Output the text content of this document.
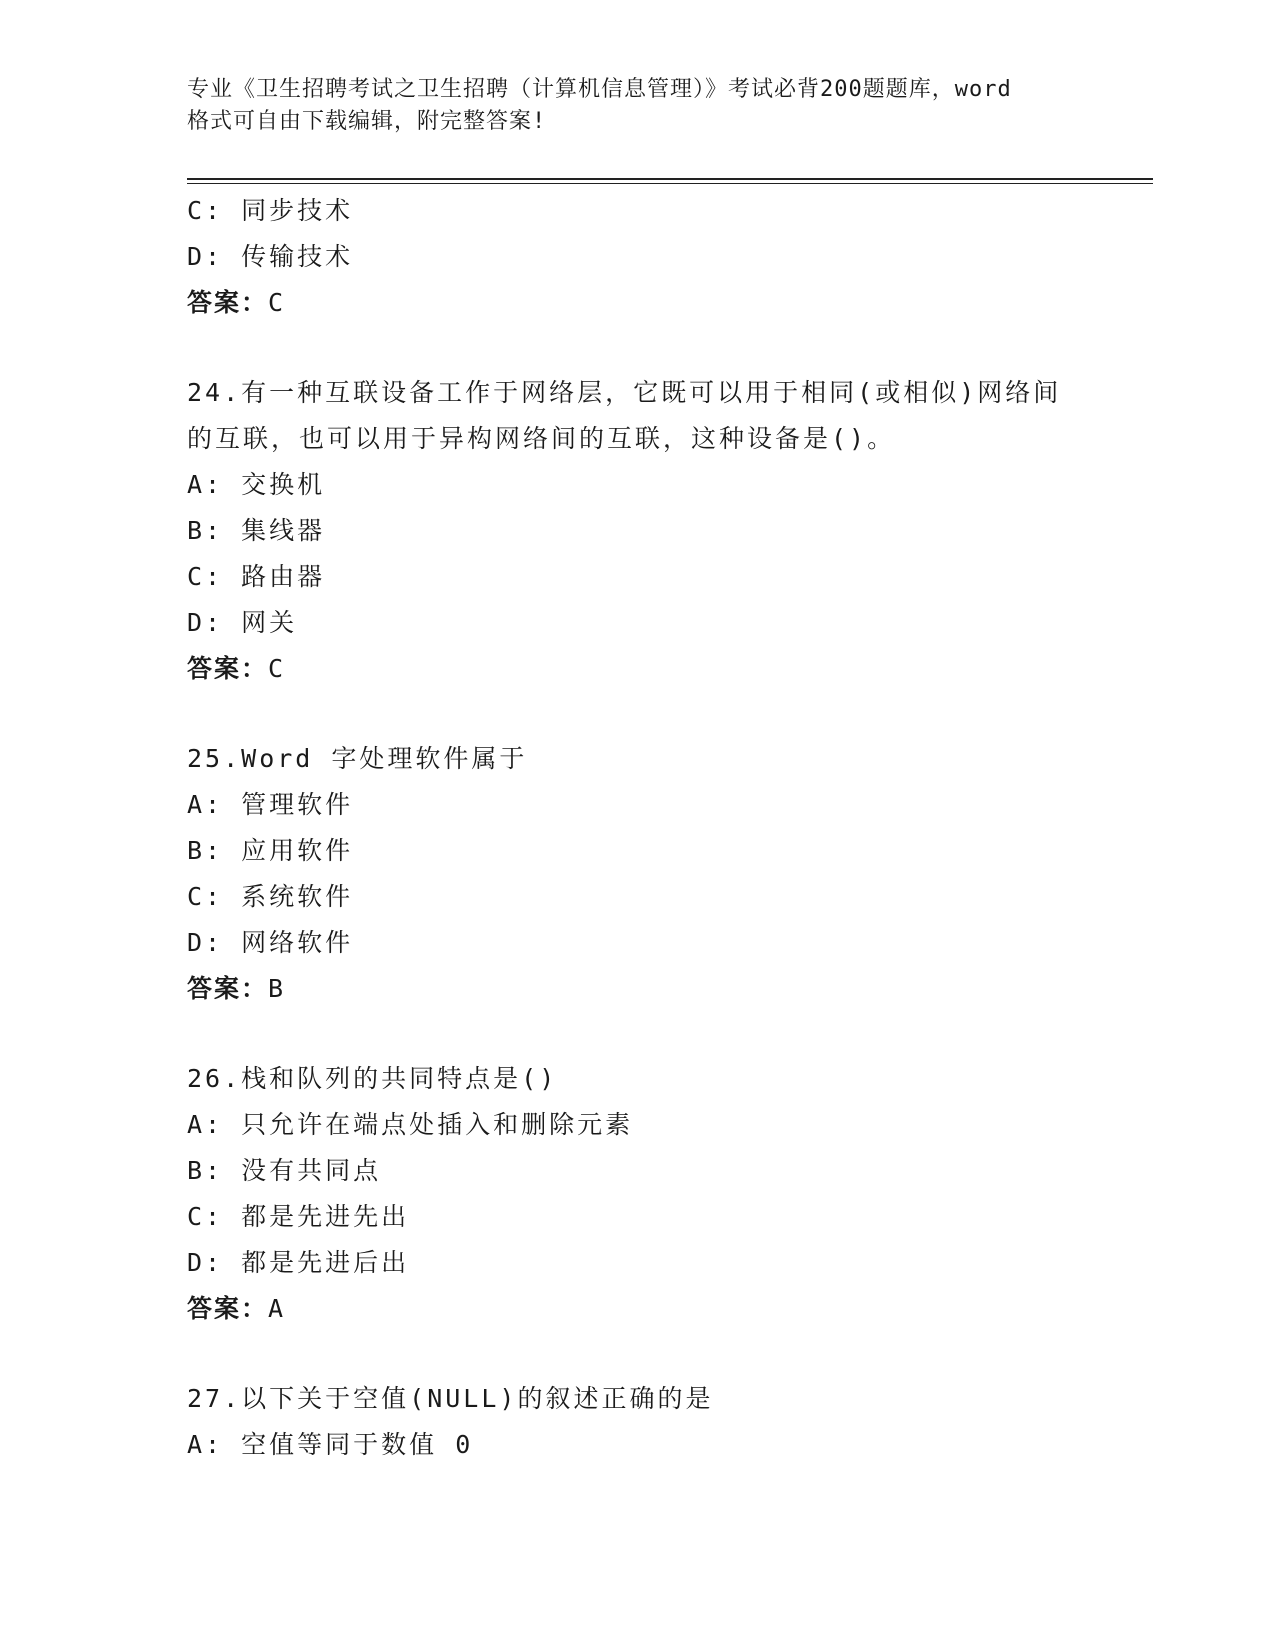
专业《卫生招聘考试之卫生招聘（计算机信息管理）》考试必背200题题库，word
格式可自由下载编辑，附完整答案!
C: 同步技术
D: 传输技术
答案：C
24.有一种互联设备工作于网络层，它既可以用于相同(或相似)网络间
的互联，也可以用于异构网络间的互联，这种设备是()。
A: 交换机
B: 集线器
C: 路由器
D: 网关
答案：C
25.Word 字处理软件属于
A: 管理软件
B: 应用软件
C: 系统软件
D: 网络软件
答案：B
26.栈和队列的共同特点是()
A: 只允许在端点处插入和删除元素
B: 没有共同点
C: 都是先进先出
D: 都是先进后出
答案：A
27.以下关于空值(NULL)的叙述正确的是
A: 空值等同于数值 0
